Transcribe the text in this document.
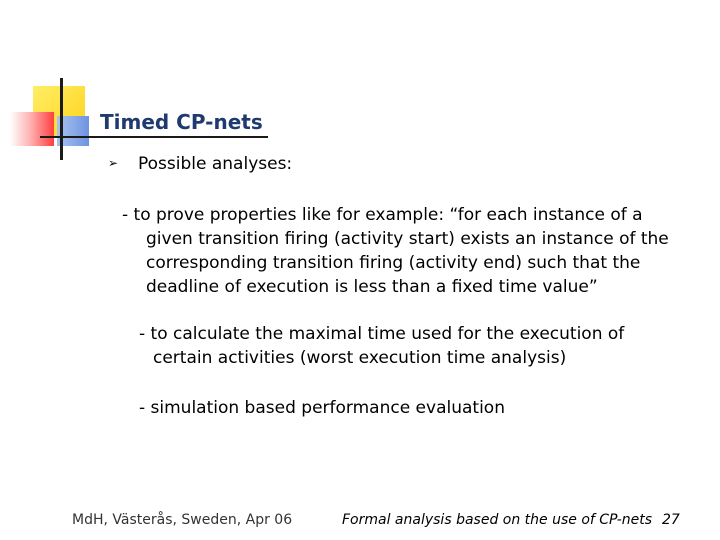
Timed CP-nets
➢ Possible analyses:
- to prove properties like for example: “for each instance of a
given transition firing (activity start) exists an instance of the
corresponding transition firing (activity end) such that the
deadline of execution is less than a fixed time value”
- to calculate the maximal time used for the execution of
certain activities (worst execution time analysis)
- simulation based performance evaluation
MdH, Västerås, Sweden, Apr 06	Formal analysis based on the use of CP-nets 27
